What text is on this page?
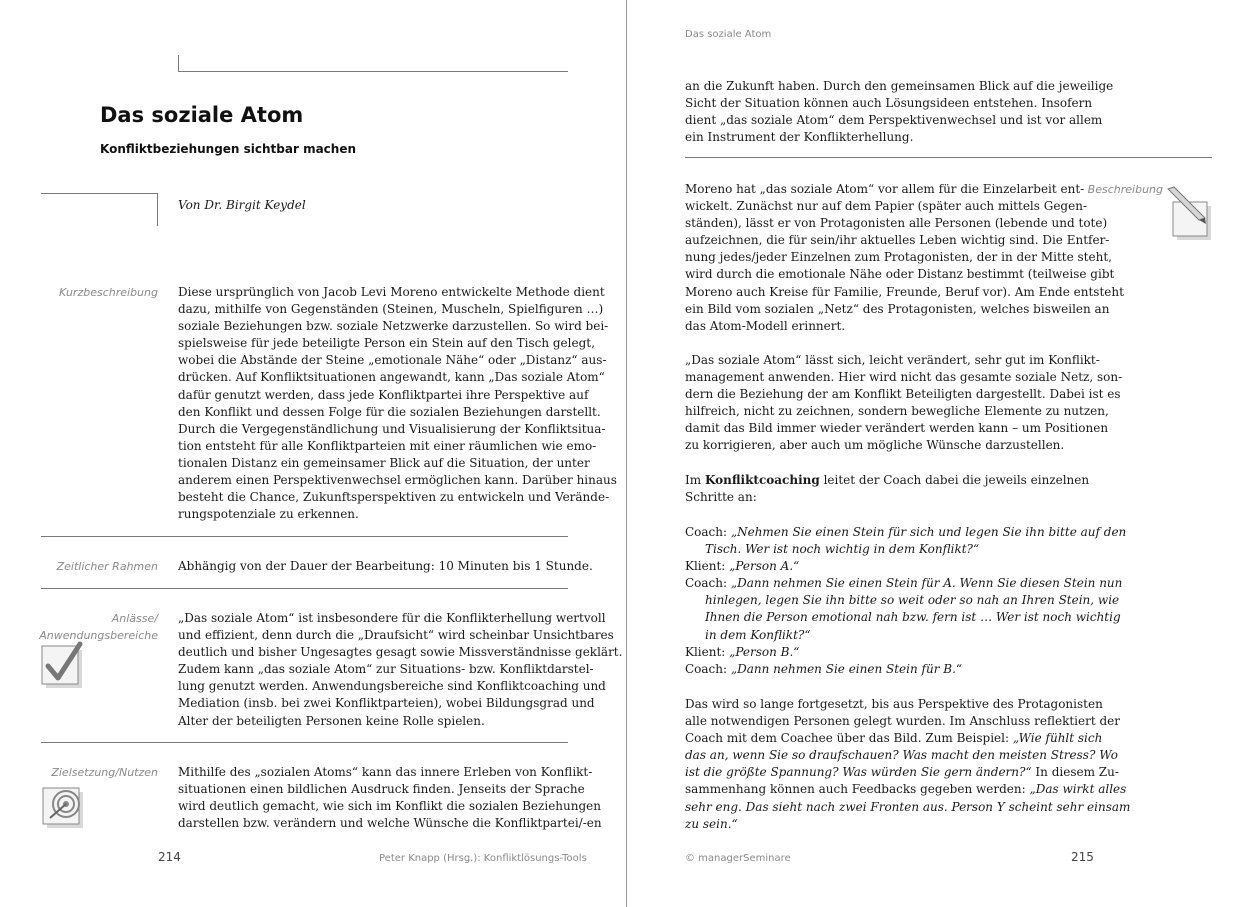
Das soziale Atom
Konfliktbeziehungen sichtbar machen
Von Dr. Birgit Keydel
Kurzbeschreibung Diese ursprünglich von Jacob Levi Moreno entwickelte Methode dient

dazu, mithilfe von Gegenständen (Steinen, Muscheln, Spielfiguren …)

soziale Beziehungen bzw. soziale Netzwerke darzustellen. So wird bei-

spielsweise für jede beteiligte Person ein Stein auf den Tisch gelegt,

wobei die Abstände der Steine „emotionale Nähe“ oder „Distanz“ aus-

drücken. Auf Konfliktsituationen angewandt, kann „Das soziale Atom“

dafür genutzt werden, dass jede Konfliktpartei ihre Perspektive auf

den Konflikt und dessen Folge für die sozialen Beziehungen darstellt.

Durch die Vergegenständlichung und Visualisierung der Konfliktsitua-

tion entsteht für alle Konfliktparteien mit einer räumlichen wie emo-

tionalen Distanz ein gemeinsamer Blick auf die Situation, der unter

anderem einen Perspektivenwechsel ermöglichen kann. Darüber hinaus

besteht die Chance, Zukunftsperspektiven zu entwickeln und Verände-

rungspotenziale zu erkennen.

Zeitlicher Rahmen Abhängig von der Dauer der Bearbeitung: 10 Minuten bis 1 Stunde.

Anlässe/
Anwendungsbereiche

„Das soziale Atom“ ist insbesondere für die Konflikterhellung wertvoll

und effizient, denn durch die „Draufsicht“ wird scheinbar Unsichtbares

deutlich und bisher Ungesagtes gesagt sowie Missverständnisse geklärt.

Zudem kann „das soziale Atom“ zur Situations- bzw. Konfliktdarstel-

lung genutzt werden. Anwendungsbereiche sind Konfliktcoaching und

Mediation (insb. bei zwei Konfliktparteien), wobei Bildungsgrad und

Alter der beteiligten Personen keine Rolle spielen.

Zielsetzung/Nutzen Mithilfe des „sozialen Atoms“ kann das innere Erleben von Konflikt-

situationen einen bildlichen Ausdruck finden. Jenseits der Sprache

wird deutlich gemacht, wie sich im Konflikt die sozialen Beziehungen

darstellen bzw. verändern und welche Wünsche die Konfliktpartei/-en

214	Peter Knapp (Hrsg.): Konfliktlösungs-Tools
Das soziale Atom

an die Zukunft haben. Durch den gemeinsamen Blick auf die jeweilige

Sicht der Situation können auch Lösungsideen entstehen. Insofern

dient „das soziale Atom“ dem Perspektivenwechsel und ist vor allem

ein Instrument der Konflikterhellung.

Beschreibung

Moreno hat „das soziale Atom“ vor allem für die Einzelarbeit ent-

wickelt. Zunächst nur auf dem Papier (später auch mittels Gegen-

ständen), lässt er von Protagonisten alle Personen (lebende und tote)

aufzeichnen, die für sein/ihr aktuelles Leben wichtig sind. Die Entfer-

nung jedes/jeder Einzelnen zum Protagonisten, der in der Mitte steht,

wird durch die emotionale Nähe oder Distanz bestimmt (teilweise gibt

Moreno auch Kreise für Familie, Freunde, Beruf vor). Am Ende entsteht

ein Bild vom sozialen „Netz“ des Protagonisten, welches bisweilen an

das Atom-Modell erinnert.

„Das soziale Atom“ lässt sich, leicht verändert, sehr gut im Konflikt-

management anwenden. Hier wird nicht das gesamte soziale Netz, son-

dern die Beziehung der am Konflikt Beteiligten dargestellt. Dabei ist es

hilfreich, nicht zu zeichnen, sondern bewegliche Elemente zu nutzen,

damit das Bild immer wieder verändert werden kann – um Positionen

zu korrigieren, aber auch um mögliche Wünsche darzustellen.

Im Konfliktcoaching leitet der Coach dabei die jeweils einzelnen

Schritte an:

Coach: „Nehmen Sie einen Stein für sich und legen Sie ihn bitte auf den

Tisch. Wer ist noch wichtig in dem Konflikt?“

Klient: „Person A.“

Coach: „Dann nehmen Sie einen Stein für A. Wenn Sie diesen Stein nun

hinlegen, legen Sie ihn bitte so weit oder so nah an Ihren Stein, wie

Ihnen die Person emotional nah bzw. fern ist … Wer ist noch wichtig

in dem Konflikt?“

Klient: „Person B.“

Coach: „Dann nehmen Sie einen Stein für B.“

Das wird so lange fortgesetzt, bis aus Perspektive des Protagonisten

alle notwendigen Personen gelegt wurden. Im Anschluss reflektiert der

Coach mit dem Coachee über das Bild. Zum Beispiel: „Wie fühlt sich

das an, wenn Sie so draufschauen? Was macht den meisten Stress? Wo

ist die größte Spannung? Was würden Sie gern ändern?“ In diesem Zu-

sammenhang können auch Feedbacks gegeben werden: „Das wirkt alles

sehr eng. Das sieht nach zwei Fronten aus. Person Y scheint sehr einsam

zu sein.“

© managerSeminare	215
